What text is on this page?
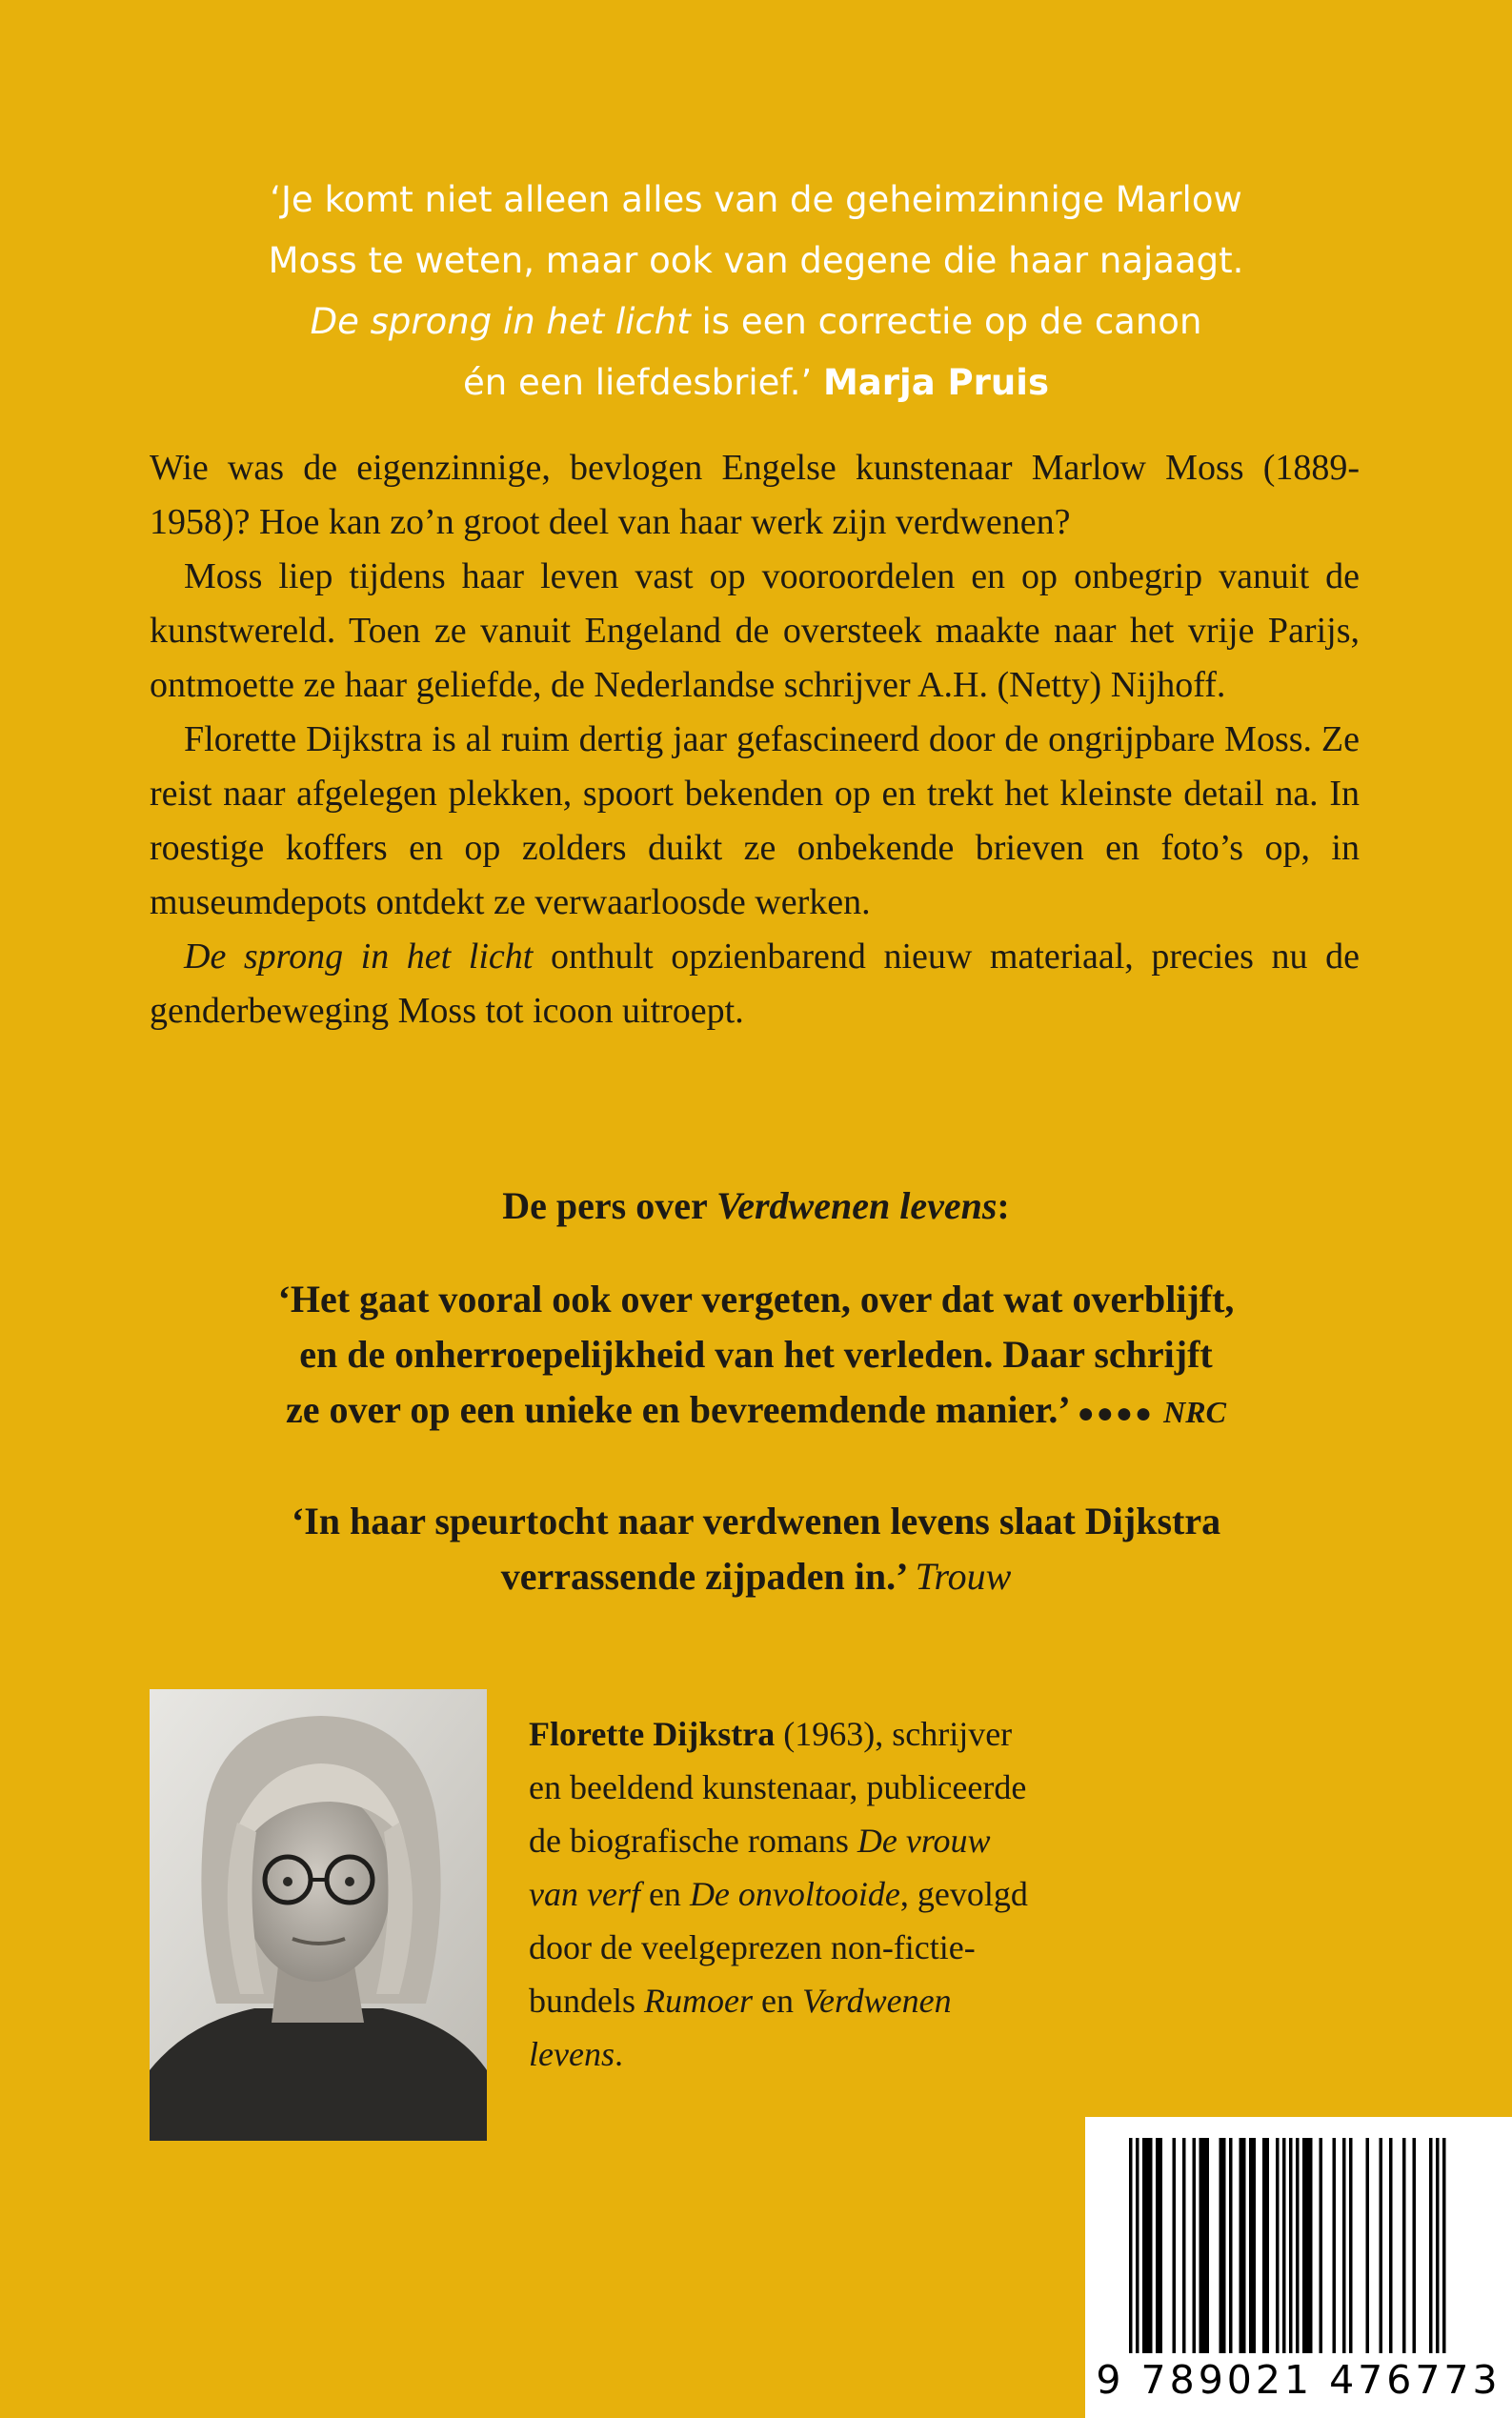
‘Je komt niet alleen alles van de geheimzinnige Marlow
Moss te weten, maar ook van degene die haar najaagt.
De sprong in het licht is een correctie op de canon
én een liefdesbrief.’ Marja Pruis

Wie was de eigenzinnige, bevlogen Engelse kunstenaar Marlow Moss (1889-1958)? Hoe kan zo’n groot deel van haar werk zijn verdwenen?

Moss liep tijdens haar leven vast op vooroordelen en op onbegrip vanuit de kunstwereld. Toen ze vanuit Engeland de oversteek maakte naar het vrije Parijs, ontmoette ze haar geliefde, de Nederlandse schrijver A.H. (Netty) Nijhoff.

Florette Dijkstra is al ruim dertig jaar gefascineerd door de ongrijpbare Moss. Ze reist naar afgelegen plekken, spoort bekenden op en trekt het kleinste detail na. In roestige koffers en op zolders duikt ze onbekende brieven en foto’s op, in museumdepots ontdekt ze verwaarloosde werken.

De sprong in het licht onthult opzienbarend nieuw materiaal, precies nu de genderbeweging Moss tot icoon uitroept.

De pers over Verdwenen levens:
‘Het gaat vooral ook over vergeten, over dat wat overblijft,
en de onherroepelijkheid van het verleden. Daar schrijft
ze over op een unieke en bevreemdende manier.’ ●●●● NRC
‘In haar speurtocht naar verdwenen levens slaat Dijkstra
verrassende zijpaden in.’ Trouw
Florette Dijkstra (1963), schrijver
en beeldend kunstenaar, publiceerde
de biografische romans De vrouw
van verf en De onvoltooide, gevolgd
door de veelgeprezen non-fictie-
bundels Rumoer en Verdwenen
levens.
9 789021 476773
